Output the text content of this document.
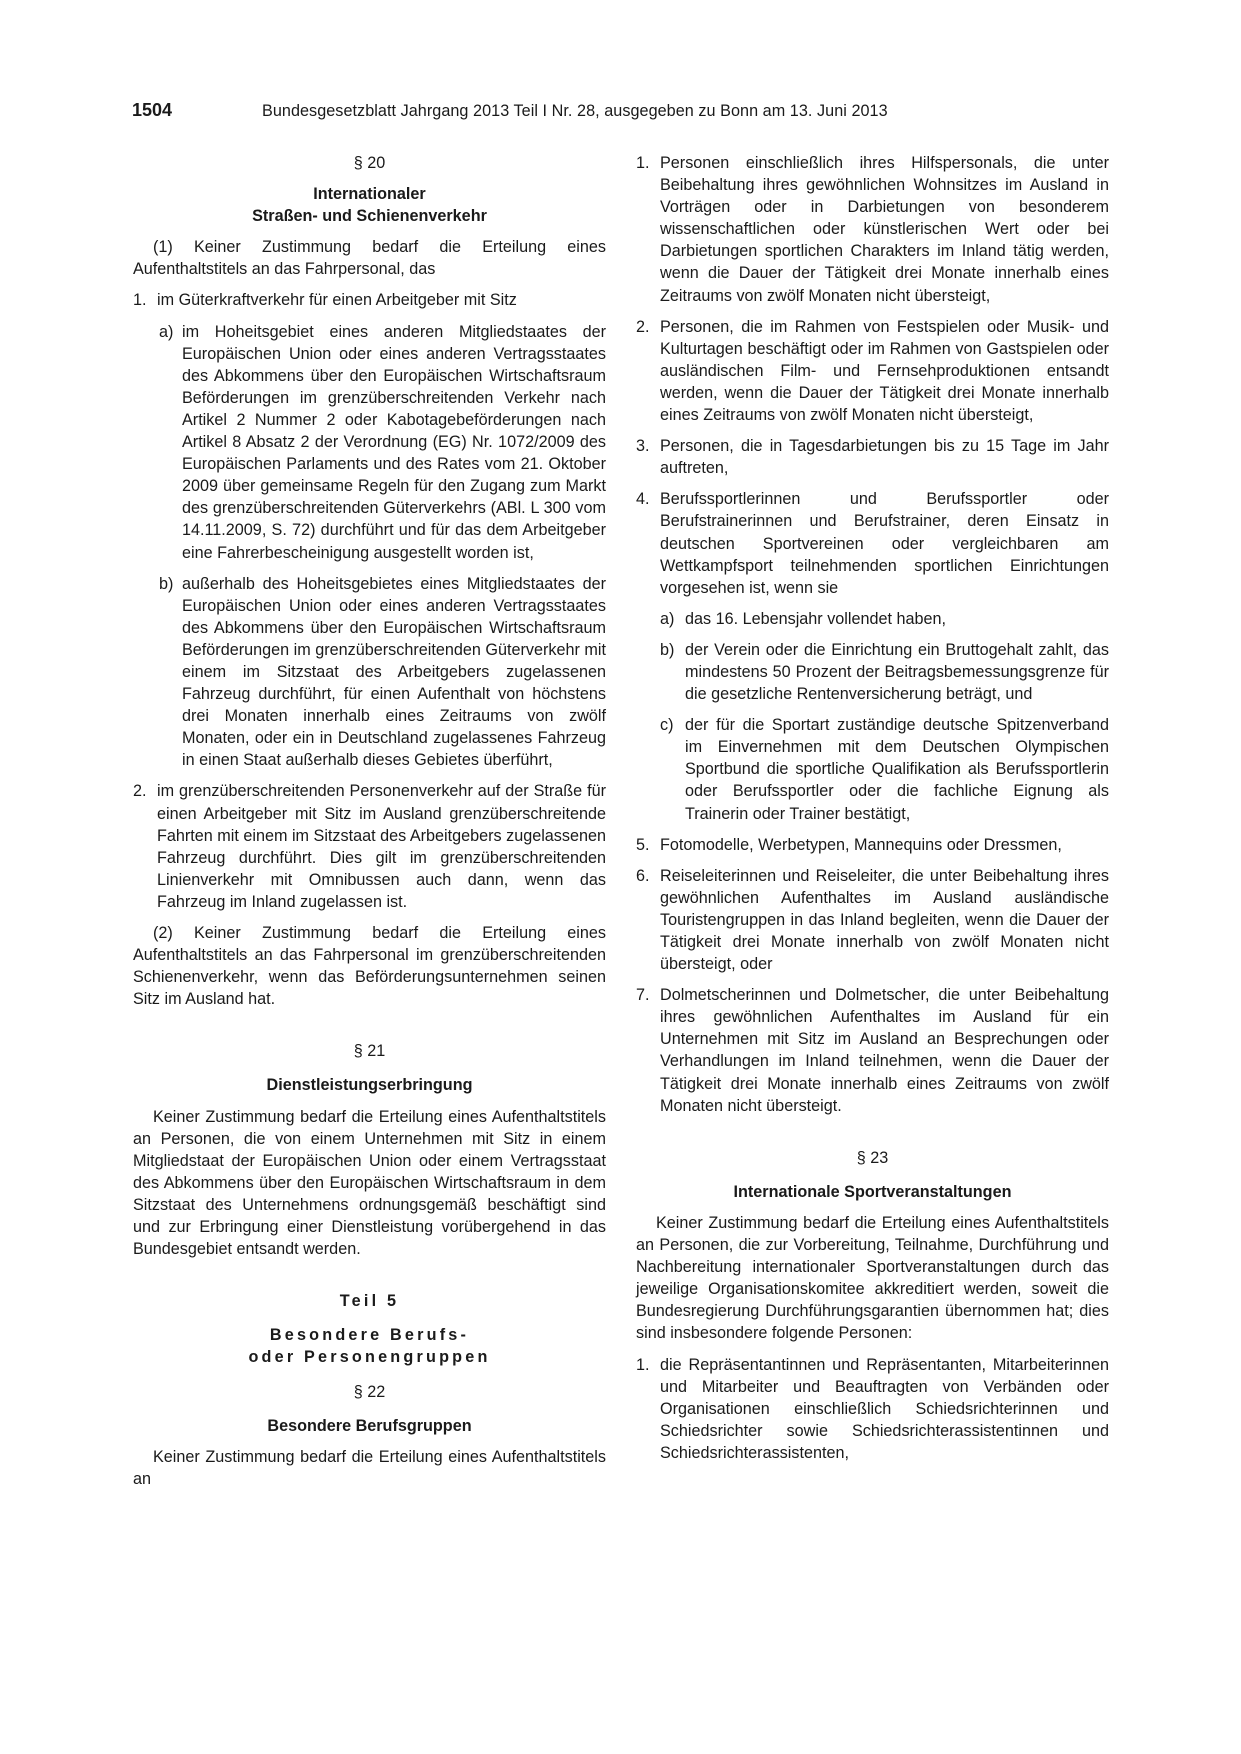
1504	Bundesgesetzblatt Jahrgang 2013 Teil I Nr. 28, ausgegeben zu Bonn am 13. Juni 2013
§ 20
Internationaler
Straßen- und Schienenverkehr

(1) Keiner Zustimmung bedarf die Erteilung eines Aufenthaltstitels an das Fahrpersonal, das

1. im Güterkraftverkehr für einen Arbeitgeber mit Sitz
a) im Hoheitsgebiet eines anderen Mitgliedstaates der Europäischen Union oder eines anderen Vertragsstaates des Abkommens über den Europäischen Wirtschaftsraum Beförderungen im grenzüberschreitenden Verkehr nach Artikel 2 Nummer 2 oder Kabotagebeförderungen nach Artikel 8 Absatz 2 der Verordnung (EG) Nr. 1072/2009 des Europäischen Parlaments und des Rates vom 21. Oktober 2009 über gemeinsame Regeln für den Zugang zum Markt des grenzüberschreitenden Güterverkehrs (ABl. L 300 vom 14.11.2009, S. 72) durchführt und für das dem Arbeitgeber eine Fahrerbescheinigung ausgestellt worden ist,
b) außerhalb des Hoheitsgebietes eines Mitgliedstaates der Europäischen Union oder eines anderen Vertragsstaates des Abkommens über den Europäischen Wirtschaftsraum Beförderungen im grenzüberschreitenden Güterverkehr mit einem im Sitzstaat des Arbeitgebers zugelassenen Fahrzeug durchführt, für einen Aufenthalt von höchstens drei Monaten innerhalb eines Zeitraums von zwölf Monaten, oder ein in Deutschland zugelassenes Fahrzeug in einen Staat außerhalb dieses Gebietes überführt,
2. im grenzüberschreitenden Personenverkehr auf der Straße für einen Arbeitgeber mit Sitz im Ausland grenzüberschreitende Fahrten mit einem im Sitzstaat des Arbeitgebers zugelassenen Fahrzeug durchführt. Dies gilt im grenzüberschreitenden Linienverkehr mit Omnibussen auch dann, wenn das Fahrzeug im Inland zugelassen ist.

(2) Keiner Zustimmung bedarf die Erteilung eines Aufenthaltstitels an das Fahrpersonal im grenzüberschreitenden Schienenverkehr, wenn das Beförderungsunternehmen seinen Sitz im Ausland hat.

§ 21
Dienstleistungserbringung

Keiner Zustimmung bedarf die Erteilung eines Aufenthaltstitels an Personen, die von einem Unternehmen mit Sitz in einem Mitgliedstaat der Europäischen Union oder einem Vertragsstaat des Abkommens über den Europäischen Wirtschaftsraum in dem Sitzstaat des Unternehmens ordnungsgemäß beschäftigt sind und zur Erbringung einer Dienstleistung vorübergehend in das Bundesgebiet entsandt werden.

Teil 5
Besondere Berufs-
oder Personengruppen
§ 22
Besondere Berufsgruppen

Keiner Zustimmung bedarf die Erteilung eines Aufenthaltstitels an

1. Personen einschließlich ihres Hilfspersonals, die unter Beibehaltung ihres gewöhnlichen Wohnsitzes im Ausland in Vorträgen oder in Darbietungen von besonderem wissenschaftlichen oder künstlerischen Wert oder bei Darbietungen sportlichen Charakters im Inland tätig werden, wenn die Dauer der Tätigkeit drei Monate innerhalb eines Zeitraums von zwölf Monaten nicht übersteigt,
2. Personen, die im Rahmen von Festspielen oder Musik- und Kulturtagen beschäftigt oder im Rahmen von Gastspielen oder ausländischen Film- und Fernsehproduktionen entsandt werden, wenn die Dauer der Tätigkeit drei Monate innerhalb eines Zeitraums von zwölf Monaten nicht übersteigt,
3. Personen, die in Tagesdarbietungen bis zu 15 Tage im Jahr auftreten,
4. Berufssportlerinnen und Berufssportler oder Berufstrainerinnen und Berufstrainer, deren Einsatz in deutschen Sportvereinen oder vergleichbaren am Wettkampfsport teilnehmenden sportlichen Einrichtungen vorgesehen ist, wenn sie
a) das 16. Lebensjahr vollendet haben,
b) der Verein oder die Einrichtung ein Bruttogehalt zahlt, das mindestens 50 Prozent der Beitragsbemessungsgrenze für die gesetzliche Rentenversicherung beträgt, und
c) der für die Sportart zuständige deutsche Spitzenverband im Einvernehmen mit dem Deutschen Olympischen Sportbund die sportliche Qualifikation als Berufssportlerin oder Berufssportler oder die fachliche Eignung als Trainerin oder Trainer bestätigt,
5. Fotomodelle, Werbetypen, Mannequins oder Dressmen,
6. Reiseleiterinnen und Reiseleiter, die unter Beibehaltung ihres gewöhnlichen Aufenthaltes im Ausland ausländische Touristengruppen in das Inland begleiten, wenn die Dauer der Tätigkeit drei Monate innerhalb von zwölf Monaten nicht übersteigt, oder
7. Dolmetscherinnen und Dolmetscher, die unter Beibehaltung ihres gewöhnlichen Aufenthaltes im Ausland für ein Unternehmen mit Sitz im Ausland an Besprechungen oder Verhandlungen im Inland teilnehmen, wenn die Dauer der Tätigkeit drei Monate innerhalb eines Zeitraums von zwölf Monaten nicht übersteigt.
§ 23
Internationale Sportveranstaltungen

Keiner Zustimmung bedarf die Erteilung eines Aufenthaltstitels an Personen, die zur Vorbereitung, Teilnahme, Durchführung und Nachbereitung internationaler Sportveranstaltungen durch das jeweilige Organisationskomitee akkreditiert werden, soweit die Bundesregierung Durchführungsgarantien übernommen hat; dies sind insbesondere folgende Personen:

1. die Repräsentantinnen und Repräsentanten, Mitarbeiterinnen und Mitarbeiter und Beauftragten von Verbänden oder Organisationen einschließlich Schiedsrichterinnen und Schiedsrichter sowie Schiedsrichterassistentinnen und Schiedsrichterassistenten,
